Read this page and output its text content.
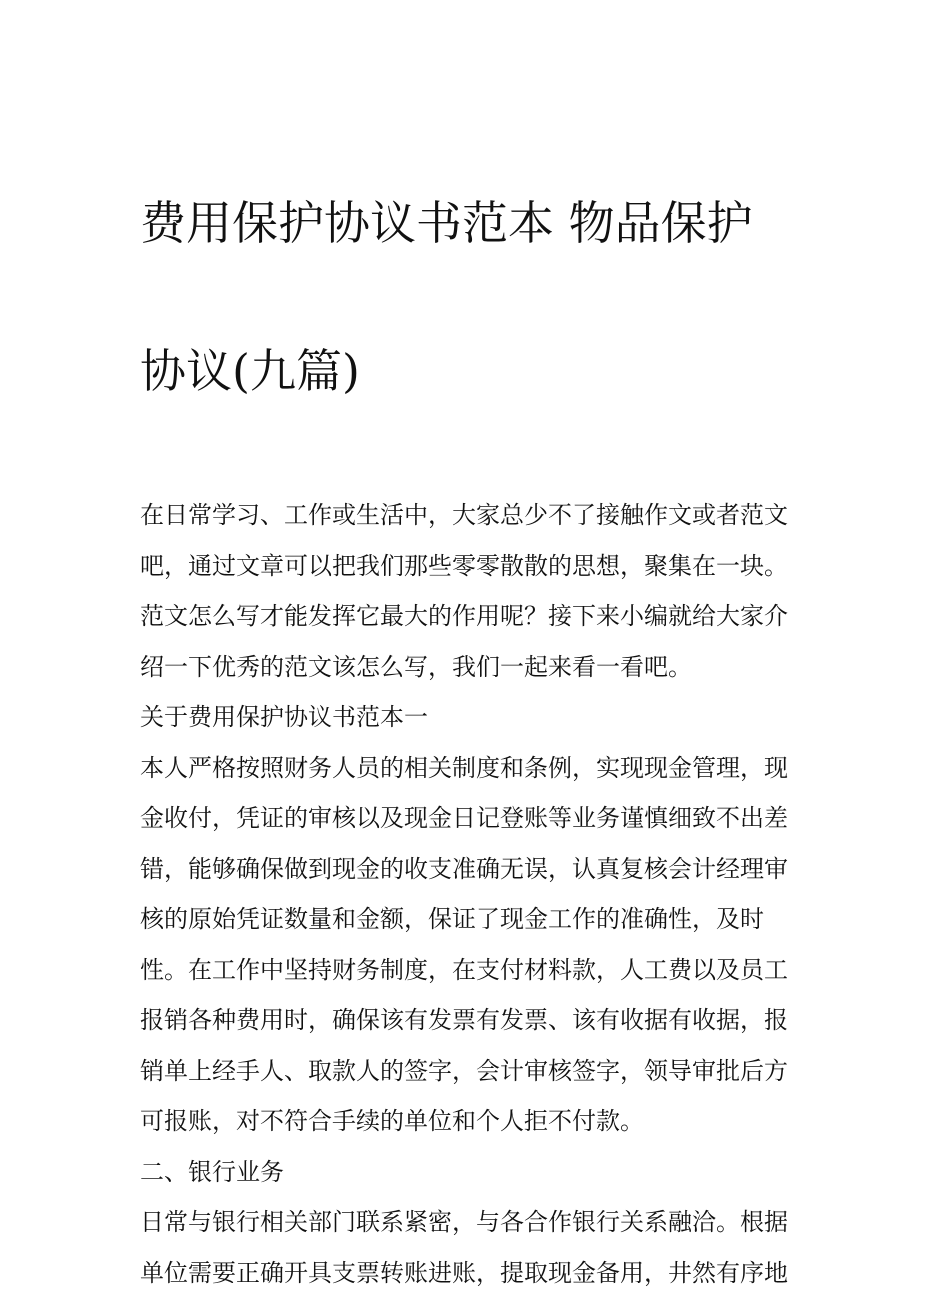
费用保护协议书范本 物品保护

协议(九篇)

在日常学习、工作或生活中，大家总少不了接触作文或者范文
吧，通过文章可以把我们那些零零散散的思想，聚集在一块。
范文怎么写才能发挥它最大的作用呢？接下来小编就给大家介
绍一下优秀的范文该怎么写，我们一起来看一看吧。

关于费用保护协议书范本一

本人严格按照财务人员的相关制度和条例，实现现金管理，现
金收付，凭证的审核以及现金日记登账等业务谨慎细致不出差
错，能够确保做到现金的收支准确无误，认真复核会计经理审
核的原始凭证数量和金额，保证了现金工作的准确性，及时
性。在工作中坚持财务制度，在支付材料款，人工费以及员工
报销各种费用时，确保该有发票有发票、该有收据有收据，报
销单上经手人、取款人的签字，会计审核签字，领导审批后方
可报账，对不符合手续的单位和个人拒不付款。

二、银行业务

日常与银行相关部门联系紧密，与各合作银行关系融洽。根据
单位需要正确开具支票转账进账，提取现金备用，井然有序地
